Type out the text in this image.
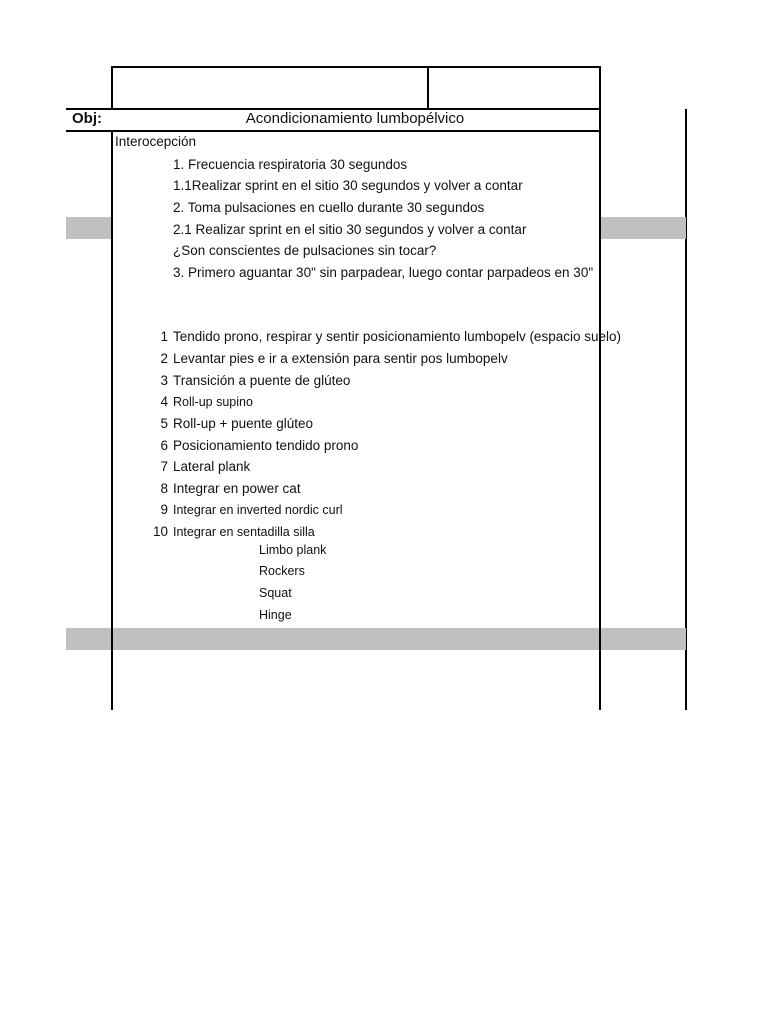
Obj:	Acondicionamiento lumbopélvico
Interocepción
1. Frecuencia respiratoria 30 segundos
1.1Realizar sprint en el sitio 30 segundos y volver a contar
2. Toma pulsaciones en cuello durante 30 segundos
2.1 Realizar sprint en el sitio 30 segundos y volver a contar
¿Son conscientes de pulsaciones sin tocar?
3. Primero aguantar 30" sin parpadear, luego contar parpadeos en 30"
1 Tendido prono, respirar y sentir posicionamiento lumbopelv (espacio suelo)
2 Levantar pies e ir a extensión para sentir pos lumbopelv
3 Transición a puente de glúteo
4 Roll-up supino
5 Roll-up + puente glúteo
6 Posicionamiento tendido prono
7 Lateral plank
8 Integrar en power cat
9 Integrar en inverted nordic curl
10 Integrar en sentadilla silla
Limbo plank
Rockers
Squat
Hinge
